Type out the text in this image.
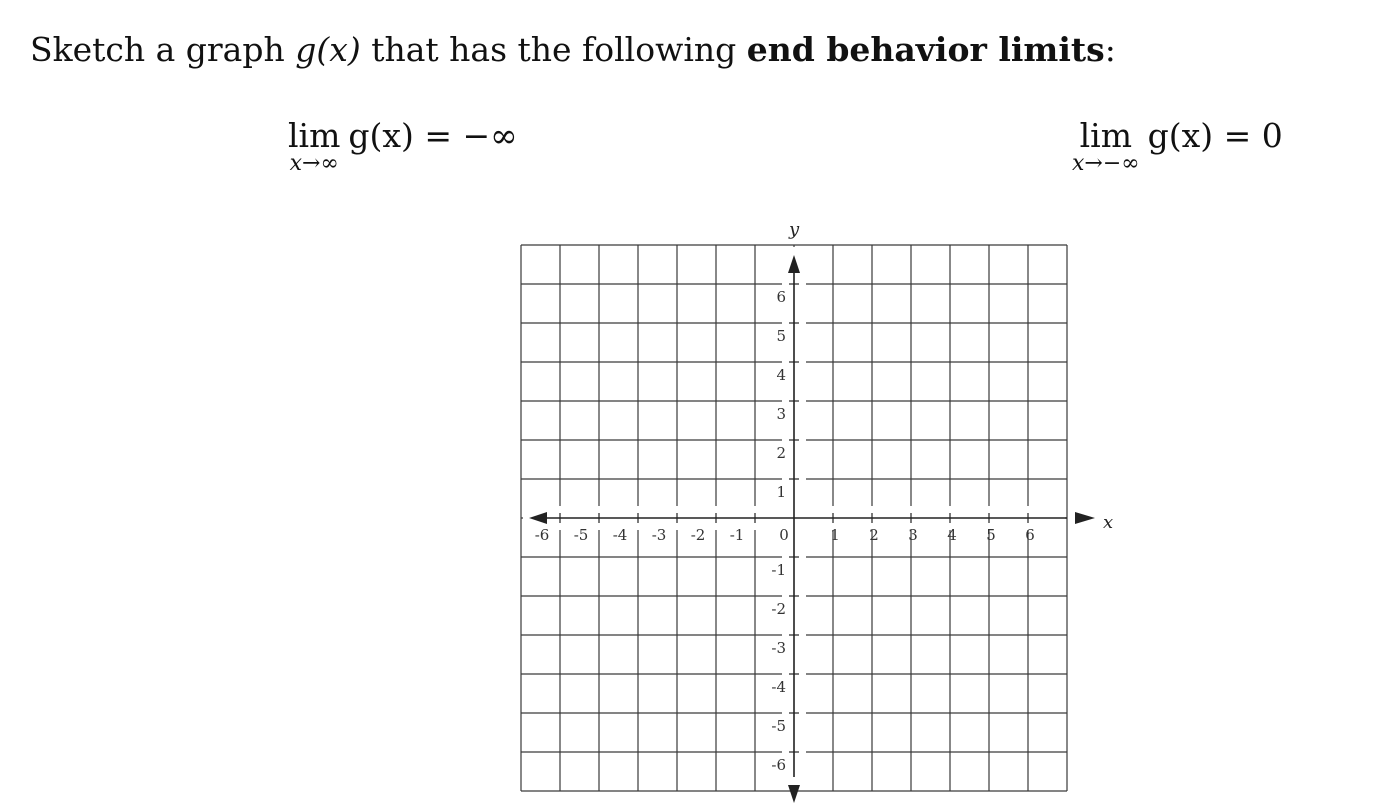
Sketch a graph g(x) that has the following end behavior limits:
lim
x→∞
g(x) = −∞	lim
x→−∞
g(x) = 0
-6 -5 -4 -3 -2 -1	1 2 3 4 5 6
6
5
4
3
2
1
-1
-2
-3
-4
-5
-6
0
x
y
